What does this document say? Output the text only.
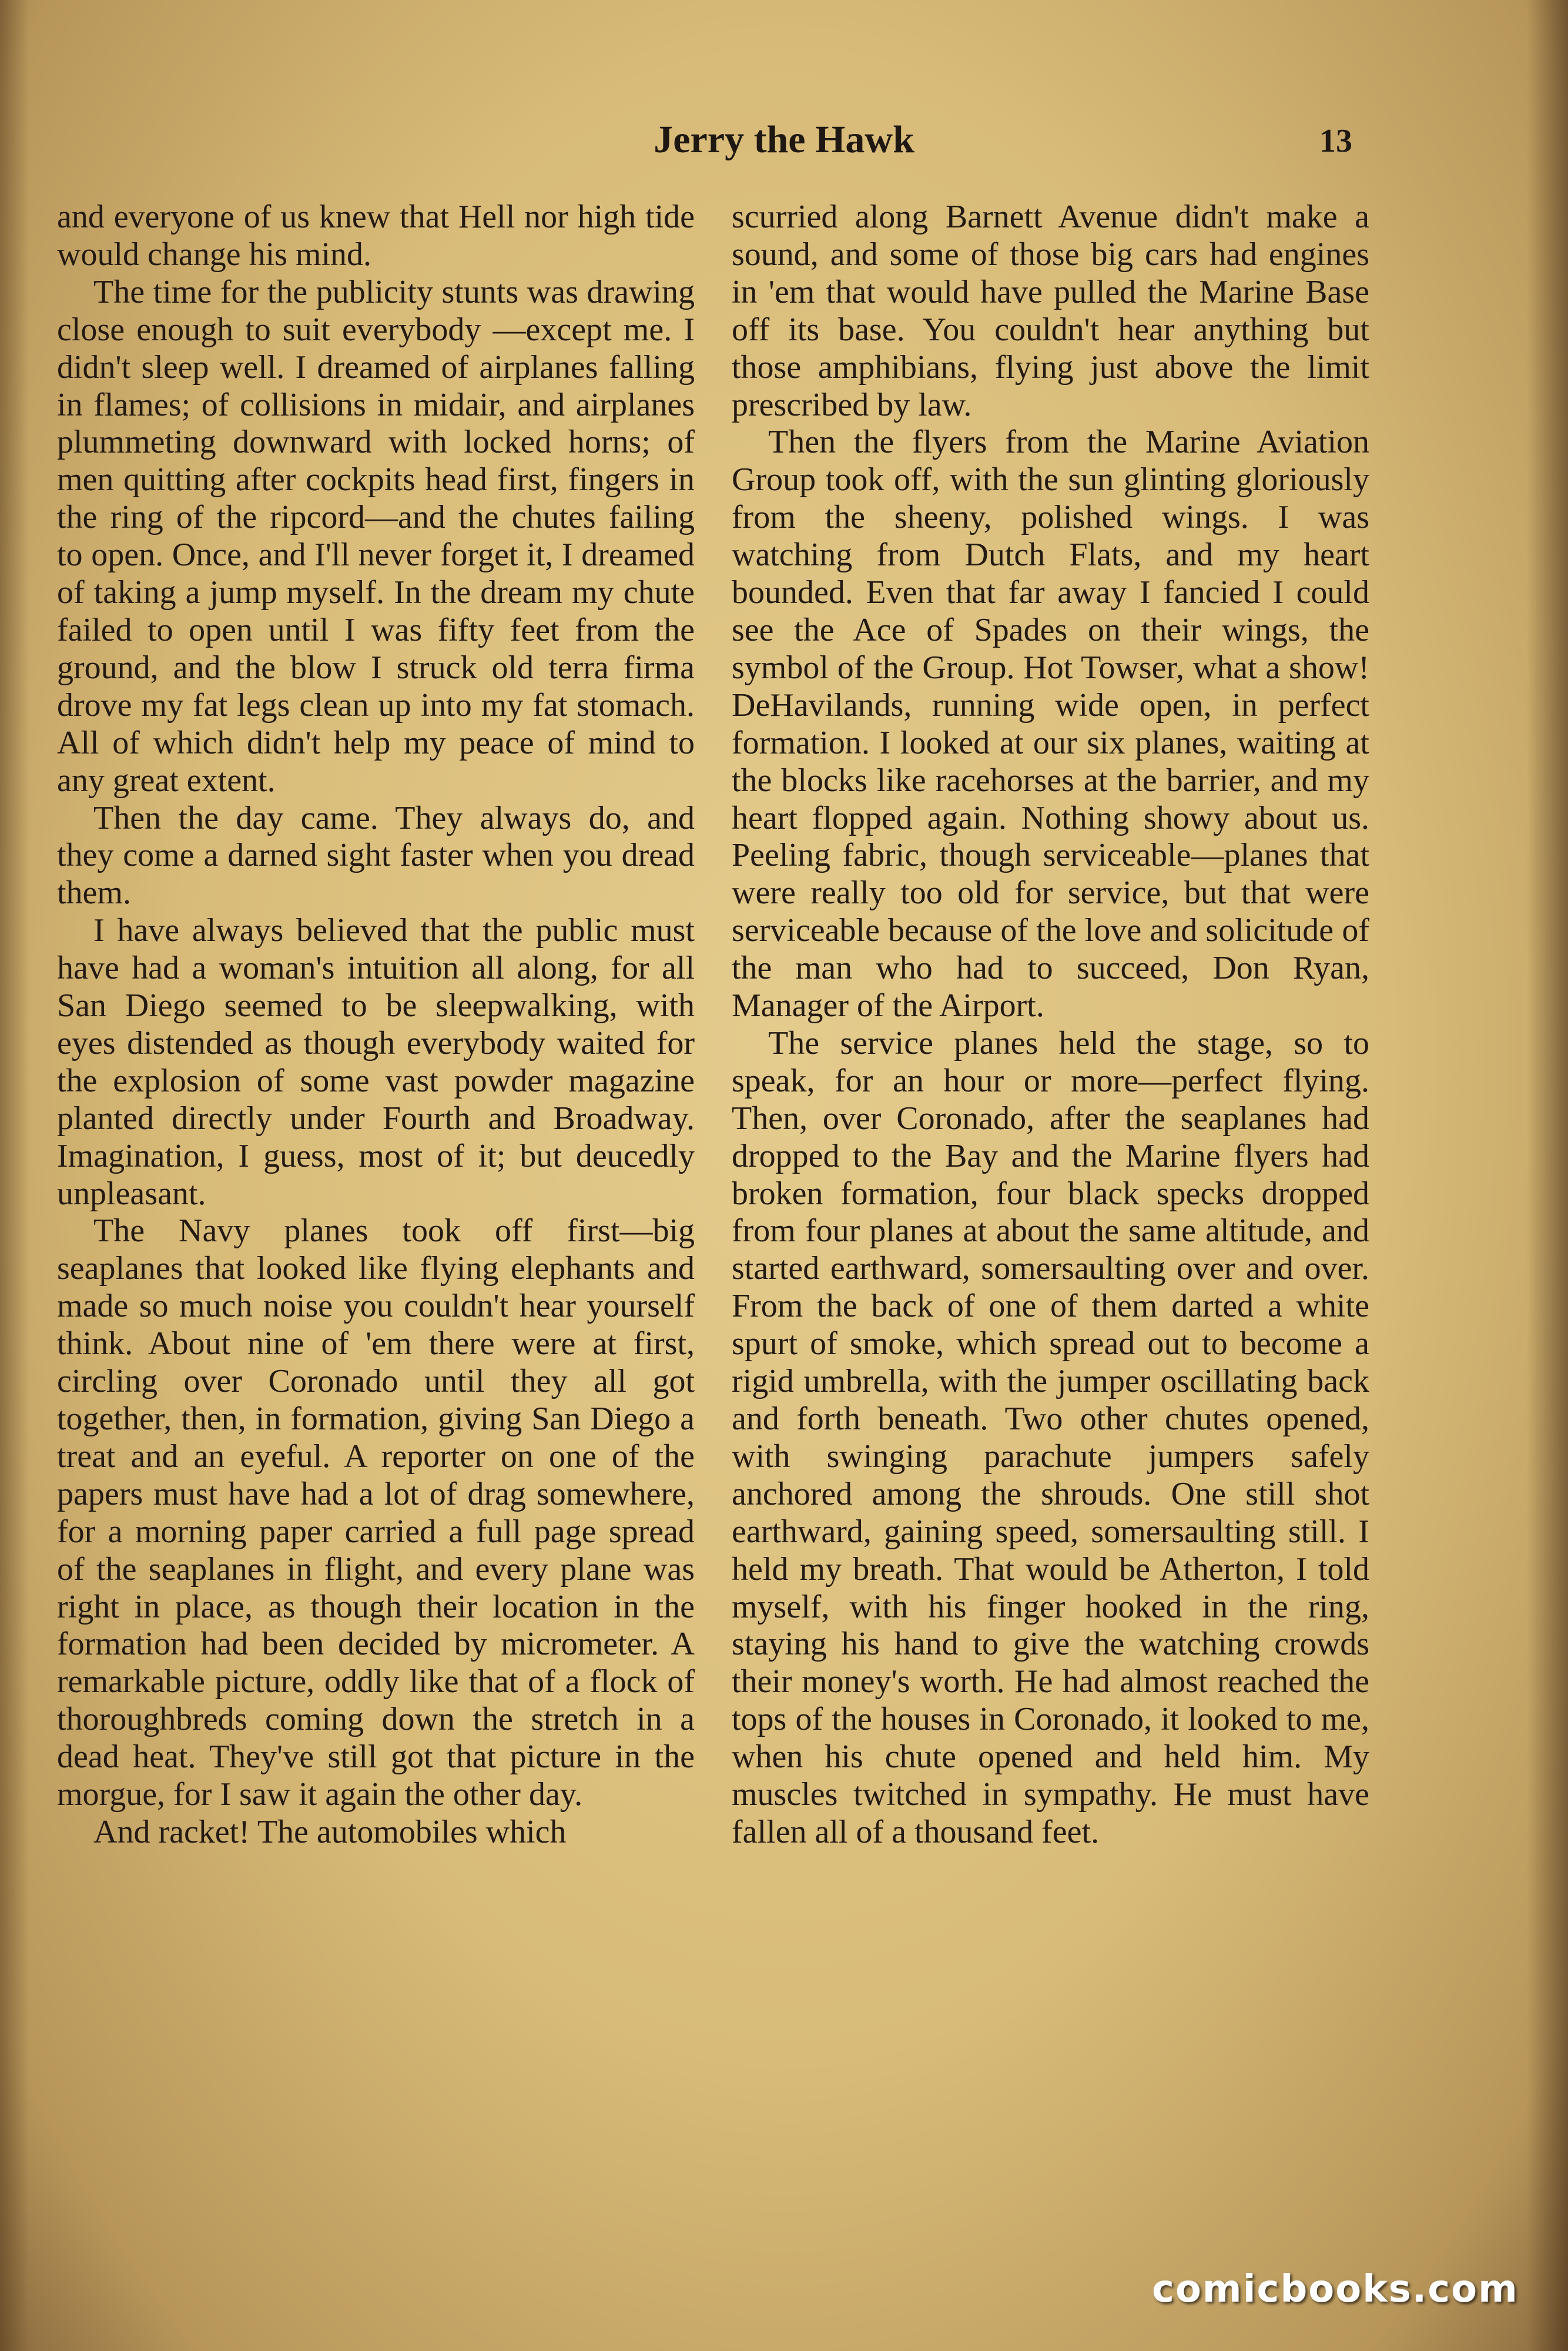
Jerry the Hawk	13

and everyone of us knew that Hell nor high tide would change his mind.

The time for the publicity stunts was drawing close enough to suit everybody —except me. I didn't sleep well. I dreamed of airplanes falling in flames; of collisions in midair, and airplanes plummeting downward with locked horns; of men quitting after cockpits head first, fingers in the ring of the ripcord—and the chutes failing to open. Once, and I'll never forget it, I dreamed of taking a jump myself. In the dream my chute failed to open until I was fifty feet from the ground, and the blow I struck old terra firma drove my fat legs clean up into my fat stomach. All of which didn't help my peace of mind to any great extent.

Then the day came. They always do, and they come a darned sight faster when you dread them.

I have always believed that the public must have had a woman's intuition all along, for all San Diego seemed to be sleepwalking, with eyes distended as though everybody waited for the explosion of some vast powder magazine planted directly under Fourth and Broadway. Imagination, I guess, most of it; but deucedly unpleasant.

The Navy planes took off first—big seaplanes that looked like flying elephants and made so much noise you couldn't hear yourself think. About nine of 'em there were at first, circling over Coronado until they all got together, then, in formation, giving San Diego a treat and an eyeful. A reporter on one of the papers must have had a lot of drag somewhere, for a morning paper carried a full page spread of the seaplanes in flight, and every plane was right in place, as though their location in the formation had been decided by micrometer. A remarkable picture, oddly like that of a flock of thoroughbreds coming down the stretch in a dead heat. They've still got that picture in the morgue, for I saw it again the other day.

And racket! The automobiles which

scurried along Barnett Avenue didn't make a sound, and some of those big cars had engines in 'em that would have pulled the Marine Base off its base. You couldn't hear anything but those amphibians, flying just above the limit prescribed by law.

Then the flyers from the Marine Aviation Group took off, with the sun glinting gloriously from the sheeny, polished wings. I was watching from Dutch Flats, and my heart bounded. Even that far away I fancied I could see the Ace of Spades on their wings, the symbol of the Group. Hot Towser, what a show! DeHavilands, running wide open, in perfect formation. I looked at our six planes, waiting at the blocks like racehorses at the barrier, and my heart flopped again. Nothing showy about us. Peeling fabric, though serviceable—planes that were really too old for service, but that were serviceable because of the love and solicitude of the man who had to succeed, Don Ryan, Manager of the Airport.

The service planes held the stage, so to speak, for an hour or more—perfect flying. Then, over Coronado, after the seaplanes had dropped to the Bay and the Marine flyers had broken formation, four black specks dropped from four planes at about the same altitude, and started earthward, somersaulting over and over. From the back of one of them darted a white spurt of smoke, which spread out to become a rigid umbrella, with the jumper oscillating back and forth beneath. Two other chutes opened, with swinging parachute jumpers safely anchored among the shrouds. One still shot earthward, gaining speed, somersaulting still. I held my breath. That would be Atherton, I told myself, with his finger hooked in the ring, staying his hand to give the watching crowds their money's worth. He had almost reached the tops of the houses in Coronado, it looked to me, when his chute opened and held him. My muscles twitched in sympathy. He must have fallen all of a thousand feet.

comicbooks.com
